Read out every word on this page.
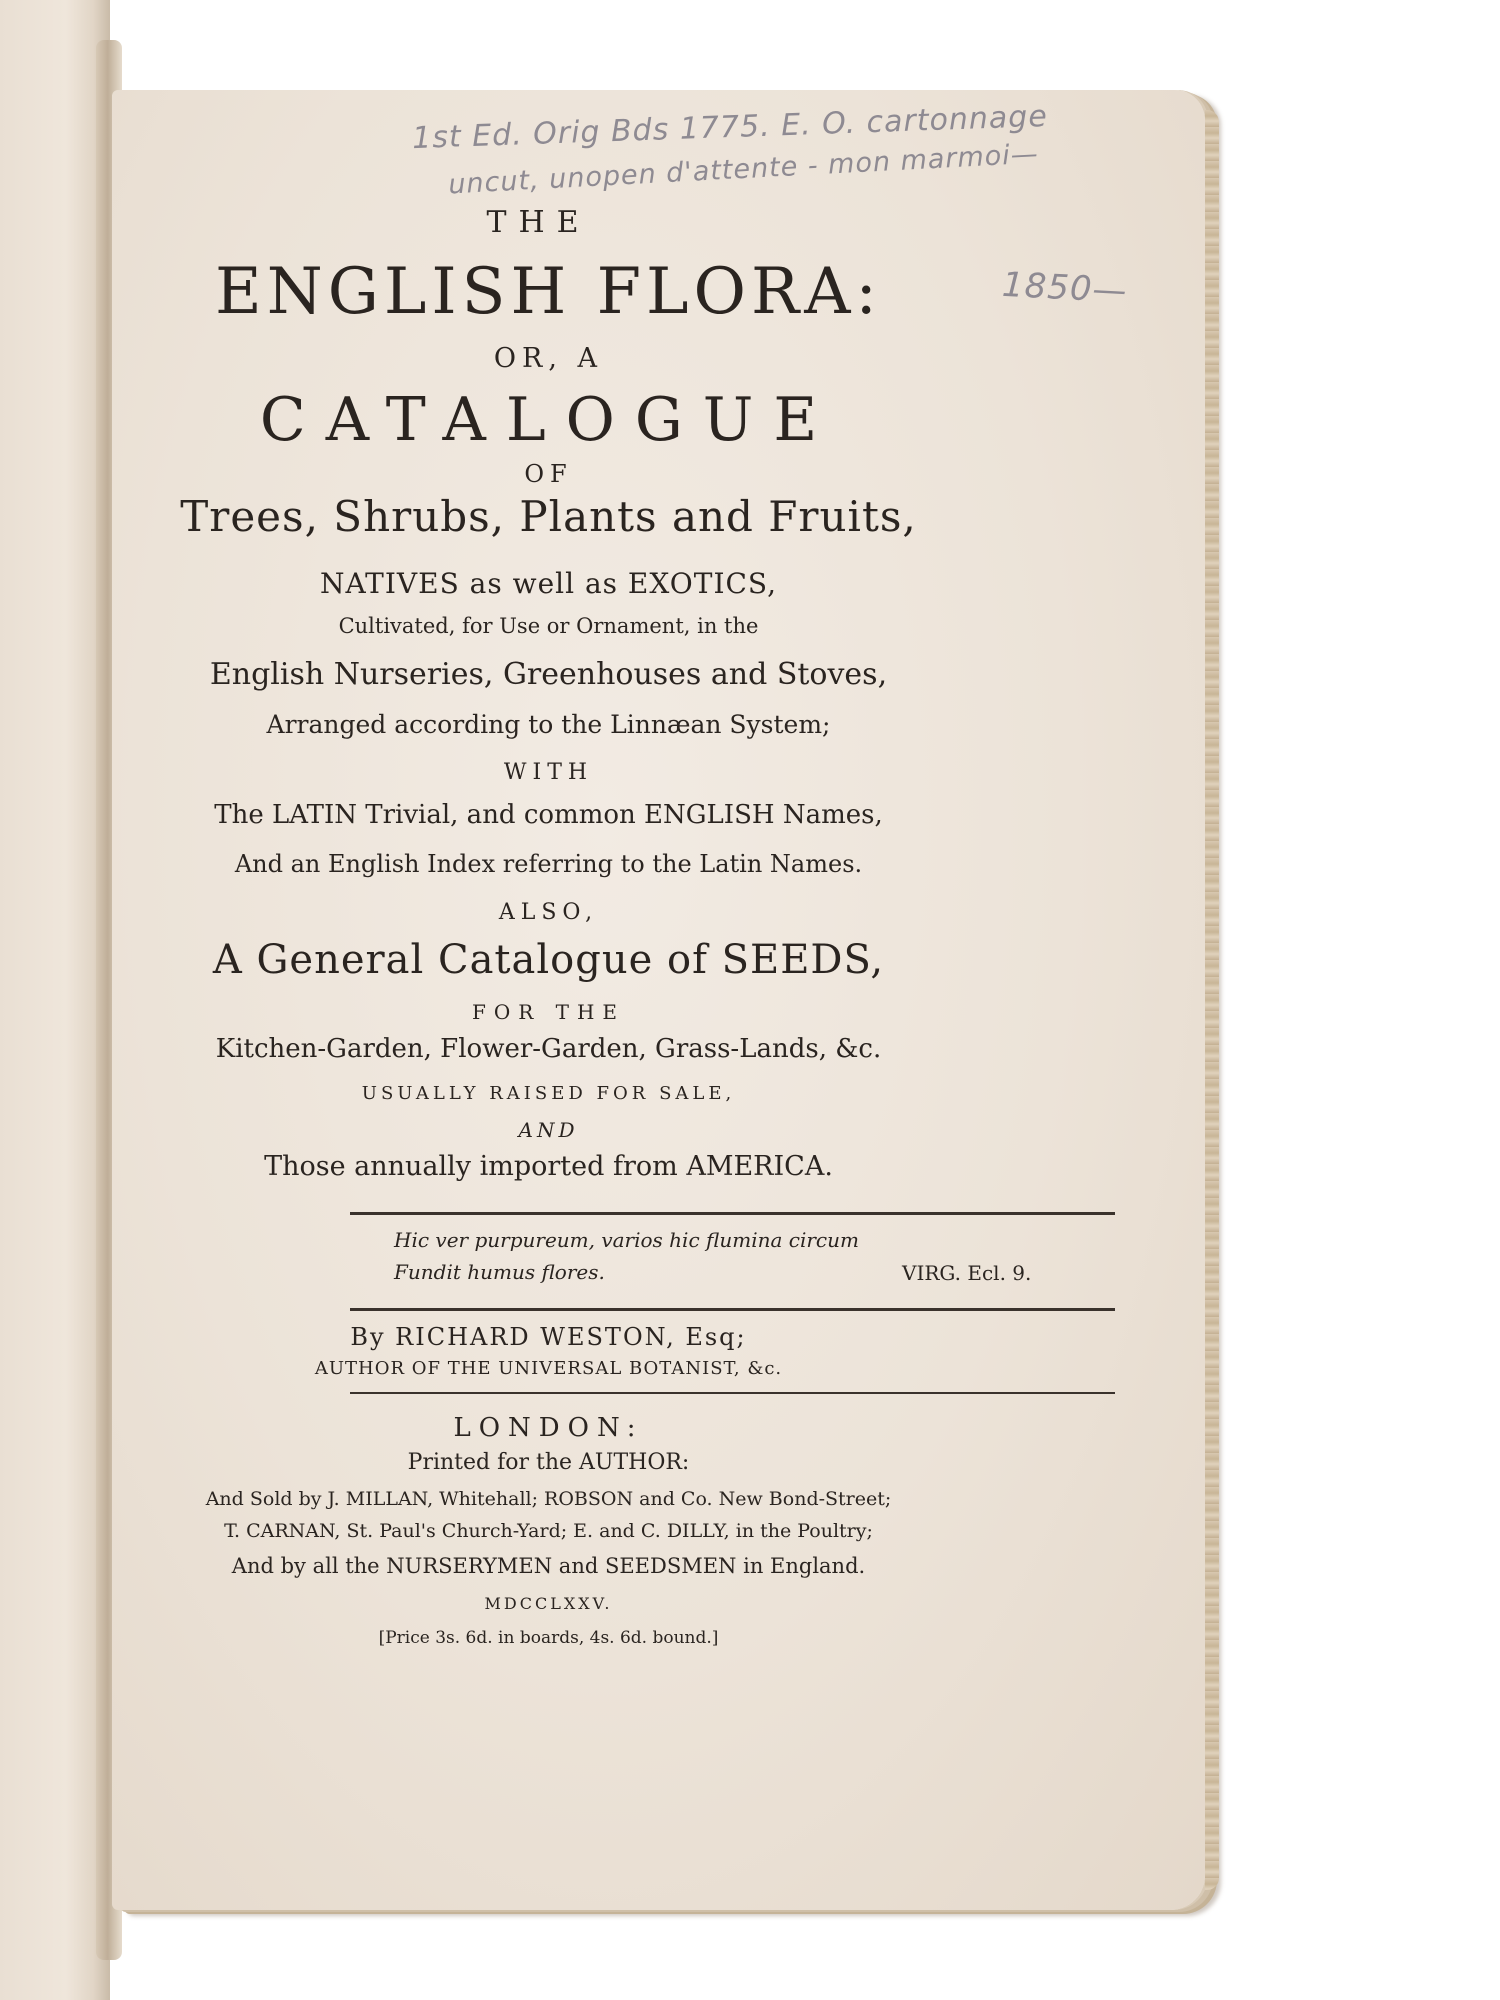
1st Ed. Orig Bds 1775. E. O. cartonnage
uncut, unopen d'attente - mon marmoi—
1850—
THE
ENGLISH FLORA:
OR, A
CATALOGUE
OF
Trees, Shrubs, Plants and Fruits,
NATIVES as well as EXOTICS,
Cultivated, for Use or Ornament, in the
English Nurseries, Greenhouses and Stoves,
Arranged according to the Linnæan System;
WITH
The LATIN Trivial, and common ENGLISH Names,
And an English Index referring to the Latin Names.
ALSO,
A General Catalogue of SEEDS,
FOR THE
Kitchen-Garden, Flower-Garden, Grass-Lands, &c.
USUALLY RAISED FOR SALE,
AND
Those annually imported from AMERICA.
Hic ver purpureum, varios hic flumina circum
Fundit humus flores.	VIRG. Ecl. 9.
By RICHARD WESTON, Esq;
AUTHOR OF THE UNIVERSAL BOTANIST, &c.
LONDON:
Printed for the AUTHOR:
And Sold by J. MILLAN, Whitehall; ROBSON and Co. New Bond-Street;
T. CARNAN, St. Paul's Church-Yard; E. and C. DILLY, in the Poultry;
And by all the NURSERYMEN and SEEDSMEN in England.
MDCCLXXV.
[Price 3s. 6d. in boards, 4s. 6d. bound.]
